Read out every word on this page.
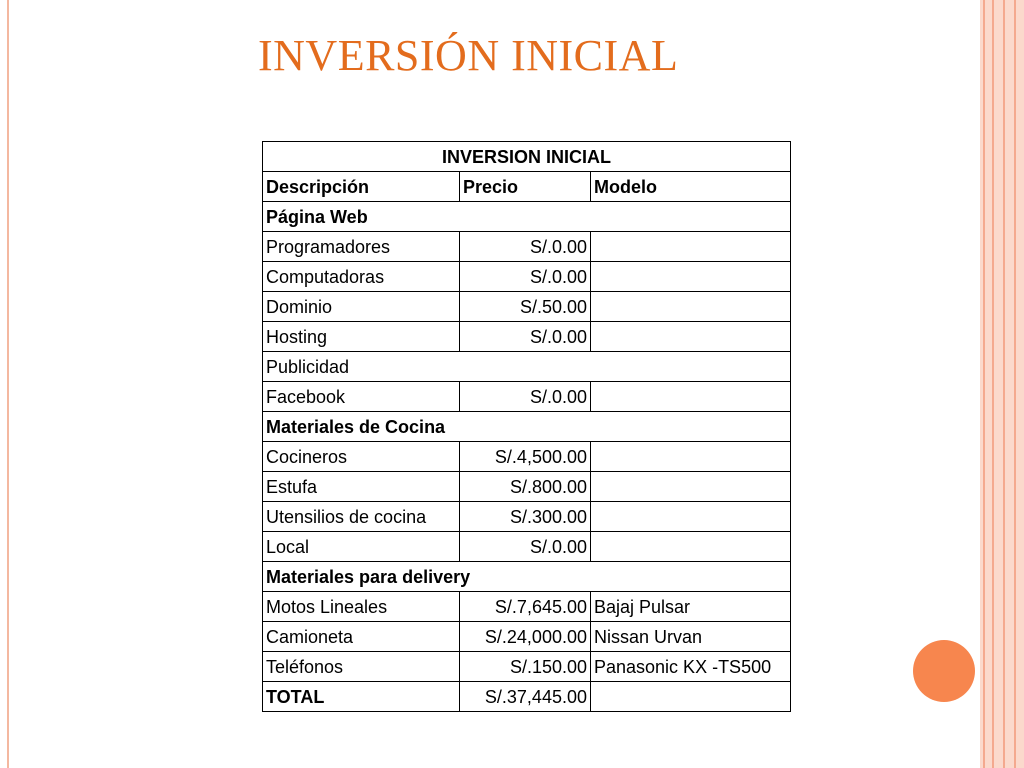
INVERSIÓN INICIAL
INVERSION INICIAL		
Descripción	Precio	Modelo
Página Web		
Programadores	S/.0.00	
Computadoras	S/.0.00	
Dominio	S/.50.00	
Hosting	S/.0.00	
Publicidad		
Facebook	S/.0.00	
Materiales de Cocina		
Cocineros	S/.4,500.00	
Estufa	S/.800.00	
Utensilios de cocina	S/.300.00	
Local	S/.0.00	
Materiales para delivery		
Motos Lineales	S/.7,645.00	Bajaj Pulsar
Camioneta	S/.24,000.00	Nissan Urvan
Teléfonos	S/.150.00	Panasonic KX -TS500
TOTAL	S/.37,445.00	
